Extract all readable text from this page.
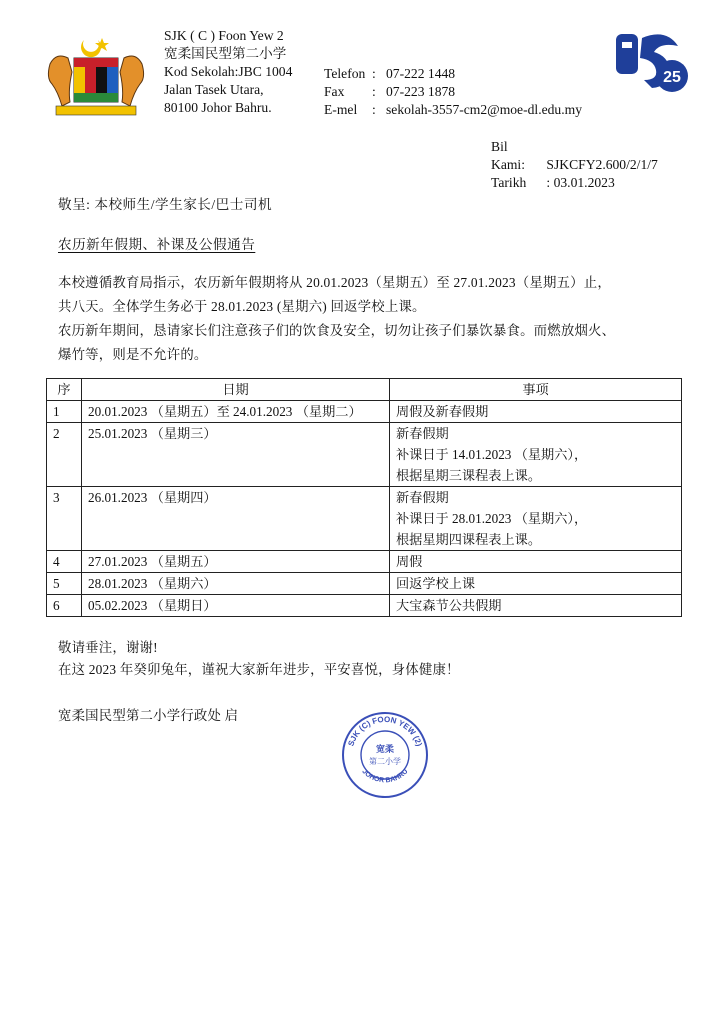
SJK ( C ) Foon Yew 2
宽柔国民型第二小学
Kod Sekolah:JBC 1004
Jalan Tasek Utara,
80100 Johor Bahru.
Telefon : 07-222 1448
Fax : 07-223 1878
E-mel : sekolah-3557-cm2@moe-dl.edu.my
25
Bil Kami: SJKCFY2.600/2/1/7
Tarikh : 03.01.2023
敬呈: 本校师生/学生家长/巴士司机
农历新年假期、补课及公假通告

本校遵循教育局指示，农历新年假期将从 20.01.2023（星期五）至 27.01.2023（星期五）止，

共八天。全体学生务必于 28.01.2023 (星期六) 回返学校上课。

农历新年期间，恳请家长们注意孩子们的饮食及安全，切勿让孩子们暴饮暴食。而燃放烟火、

爆竹等，则是不允许的。

序	日期	事项
1	20.01.2023 （星期五）至 24.01.2023 （星期二）	周假及新春假期

2	25.01.2023 （星期三）	新春假期
补课日于 14.01.2023 （星期六），
根据星期三课程表上课。

3	26.01.2023 （星期四）	新春假期
补课日于 28.01.2023 （星期六），
根据星期四课程表上课。

4	27.01.2023 （星期五）	周假

5	28.01.2023 （星期六）	回返学校上课

6	05.02.2023 （星期日）	大宝森节公共假期

敬请垂注，谢谢!

在这 2023 年癸卯兔年，谨祝大家新年进步，平安喜悦，身体健康！

宽柔国民型第二小学行政处 启
SJK (C) FOON YEW (2)
JOHOR BAHRU
宽柔
第二小学
